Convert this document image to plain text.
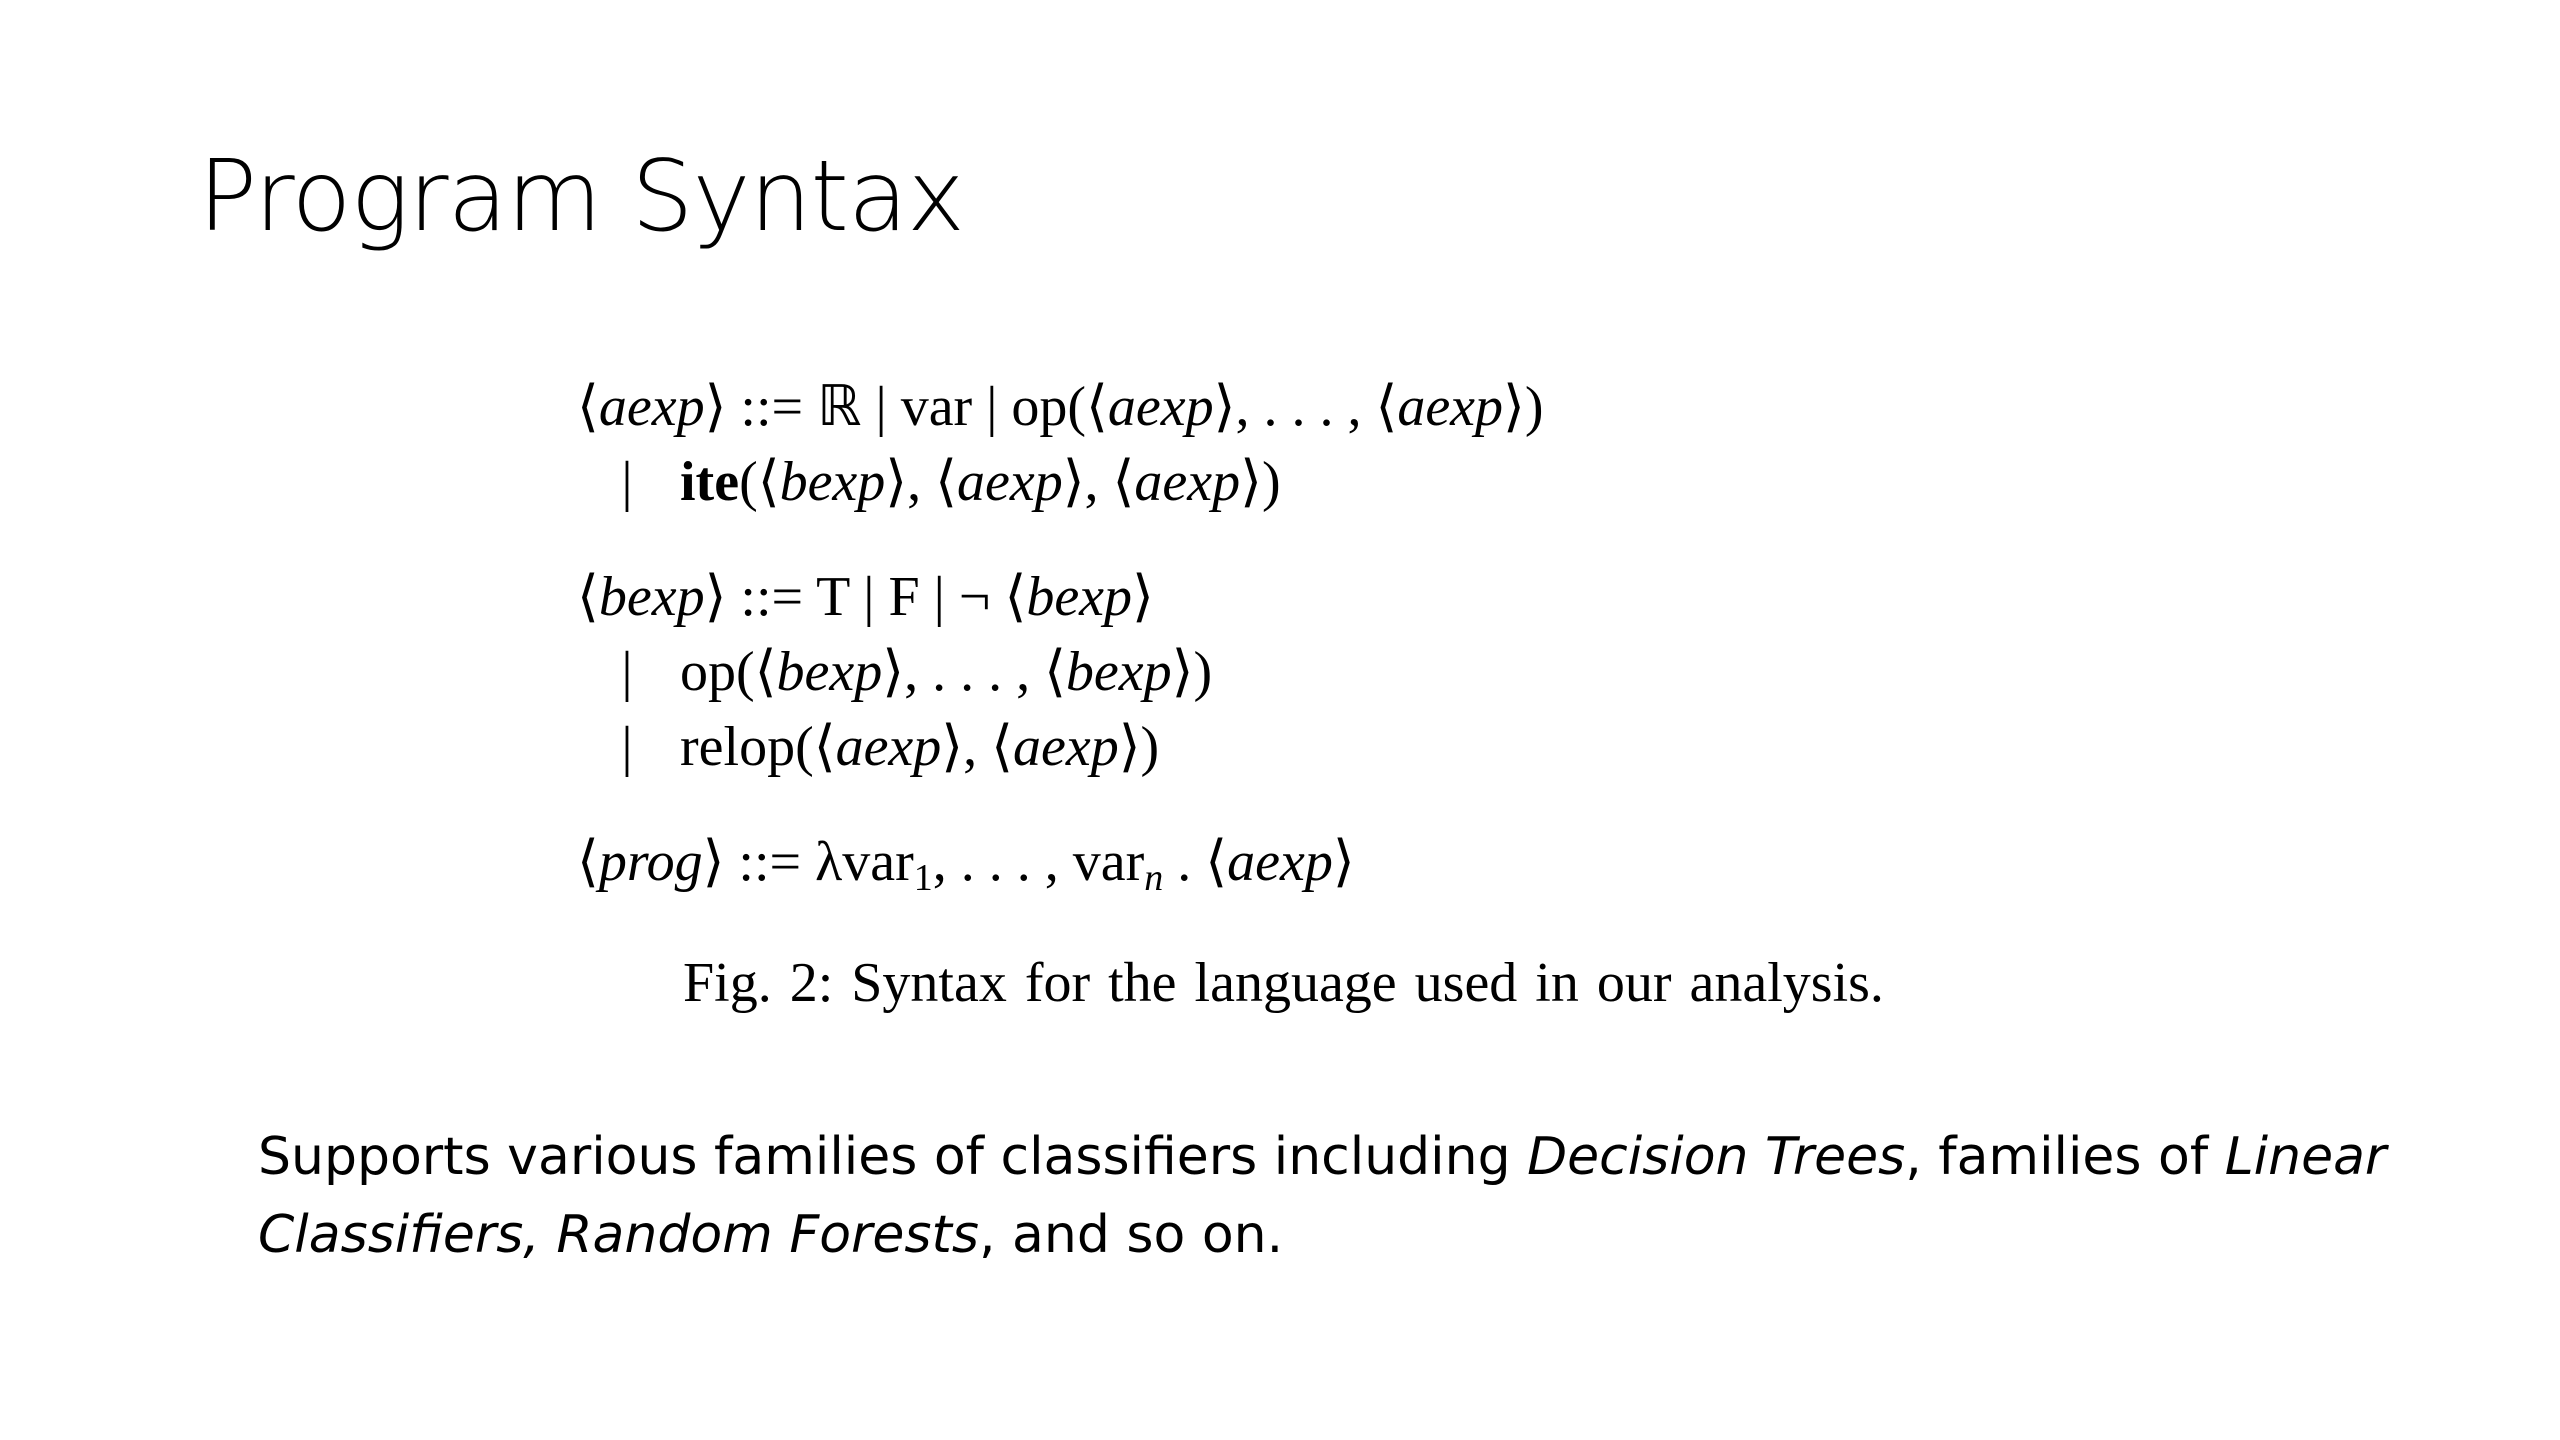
Program Syntax
⟨aexp⟩ ::= ℝ | var | op(⟨aexp⟩, . . . , ⟨aexp⟩)
| ite(⟨bexp⟩, ⟨aexp⟩, ⟨aexp⟩)
⟨bexp⟩ ::= T | F | ¬ ⟨bexp⟩
| op(⟨bexp⟩, . . . , ⟨bexp⟩)
| relop(⟨aexp⟩, ⟨aexp⟩)
⟨prog⟩ ::= λvar$_1$, . . . , var$_n$ . ⟨aexp⟩
Fig. 2: Syntax for the language used in our analysis.
Supports various families of classifiers including Decision Trees, families of Linear Classifiers, Random Forests, and so on.
